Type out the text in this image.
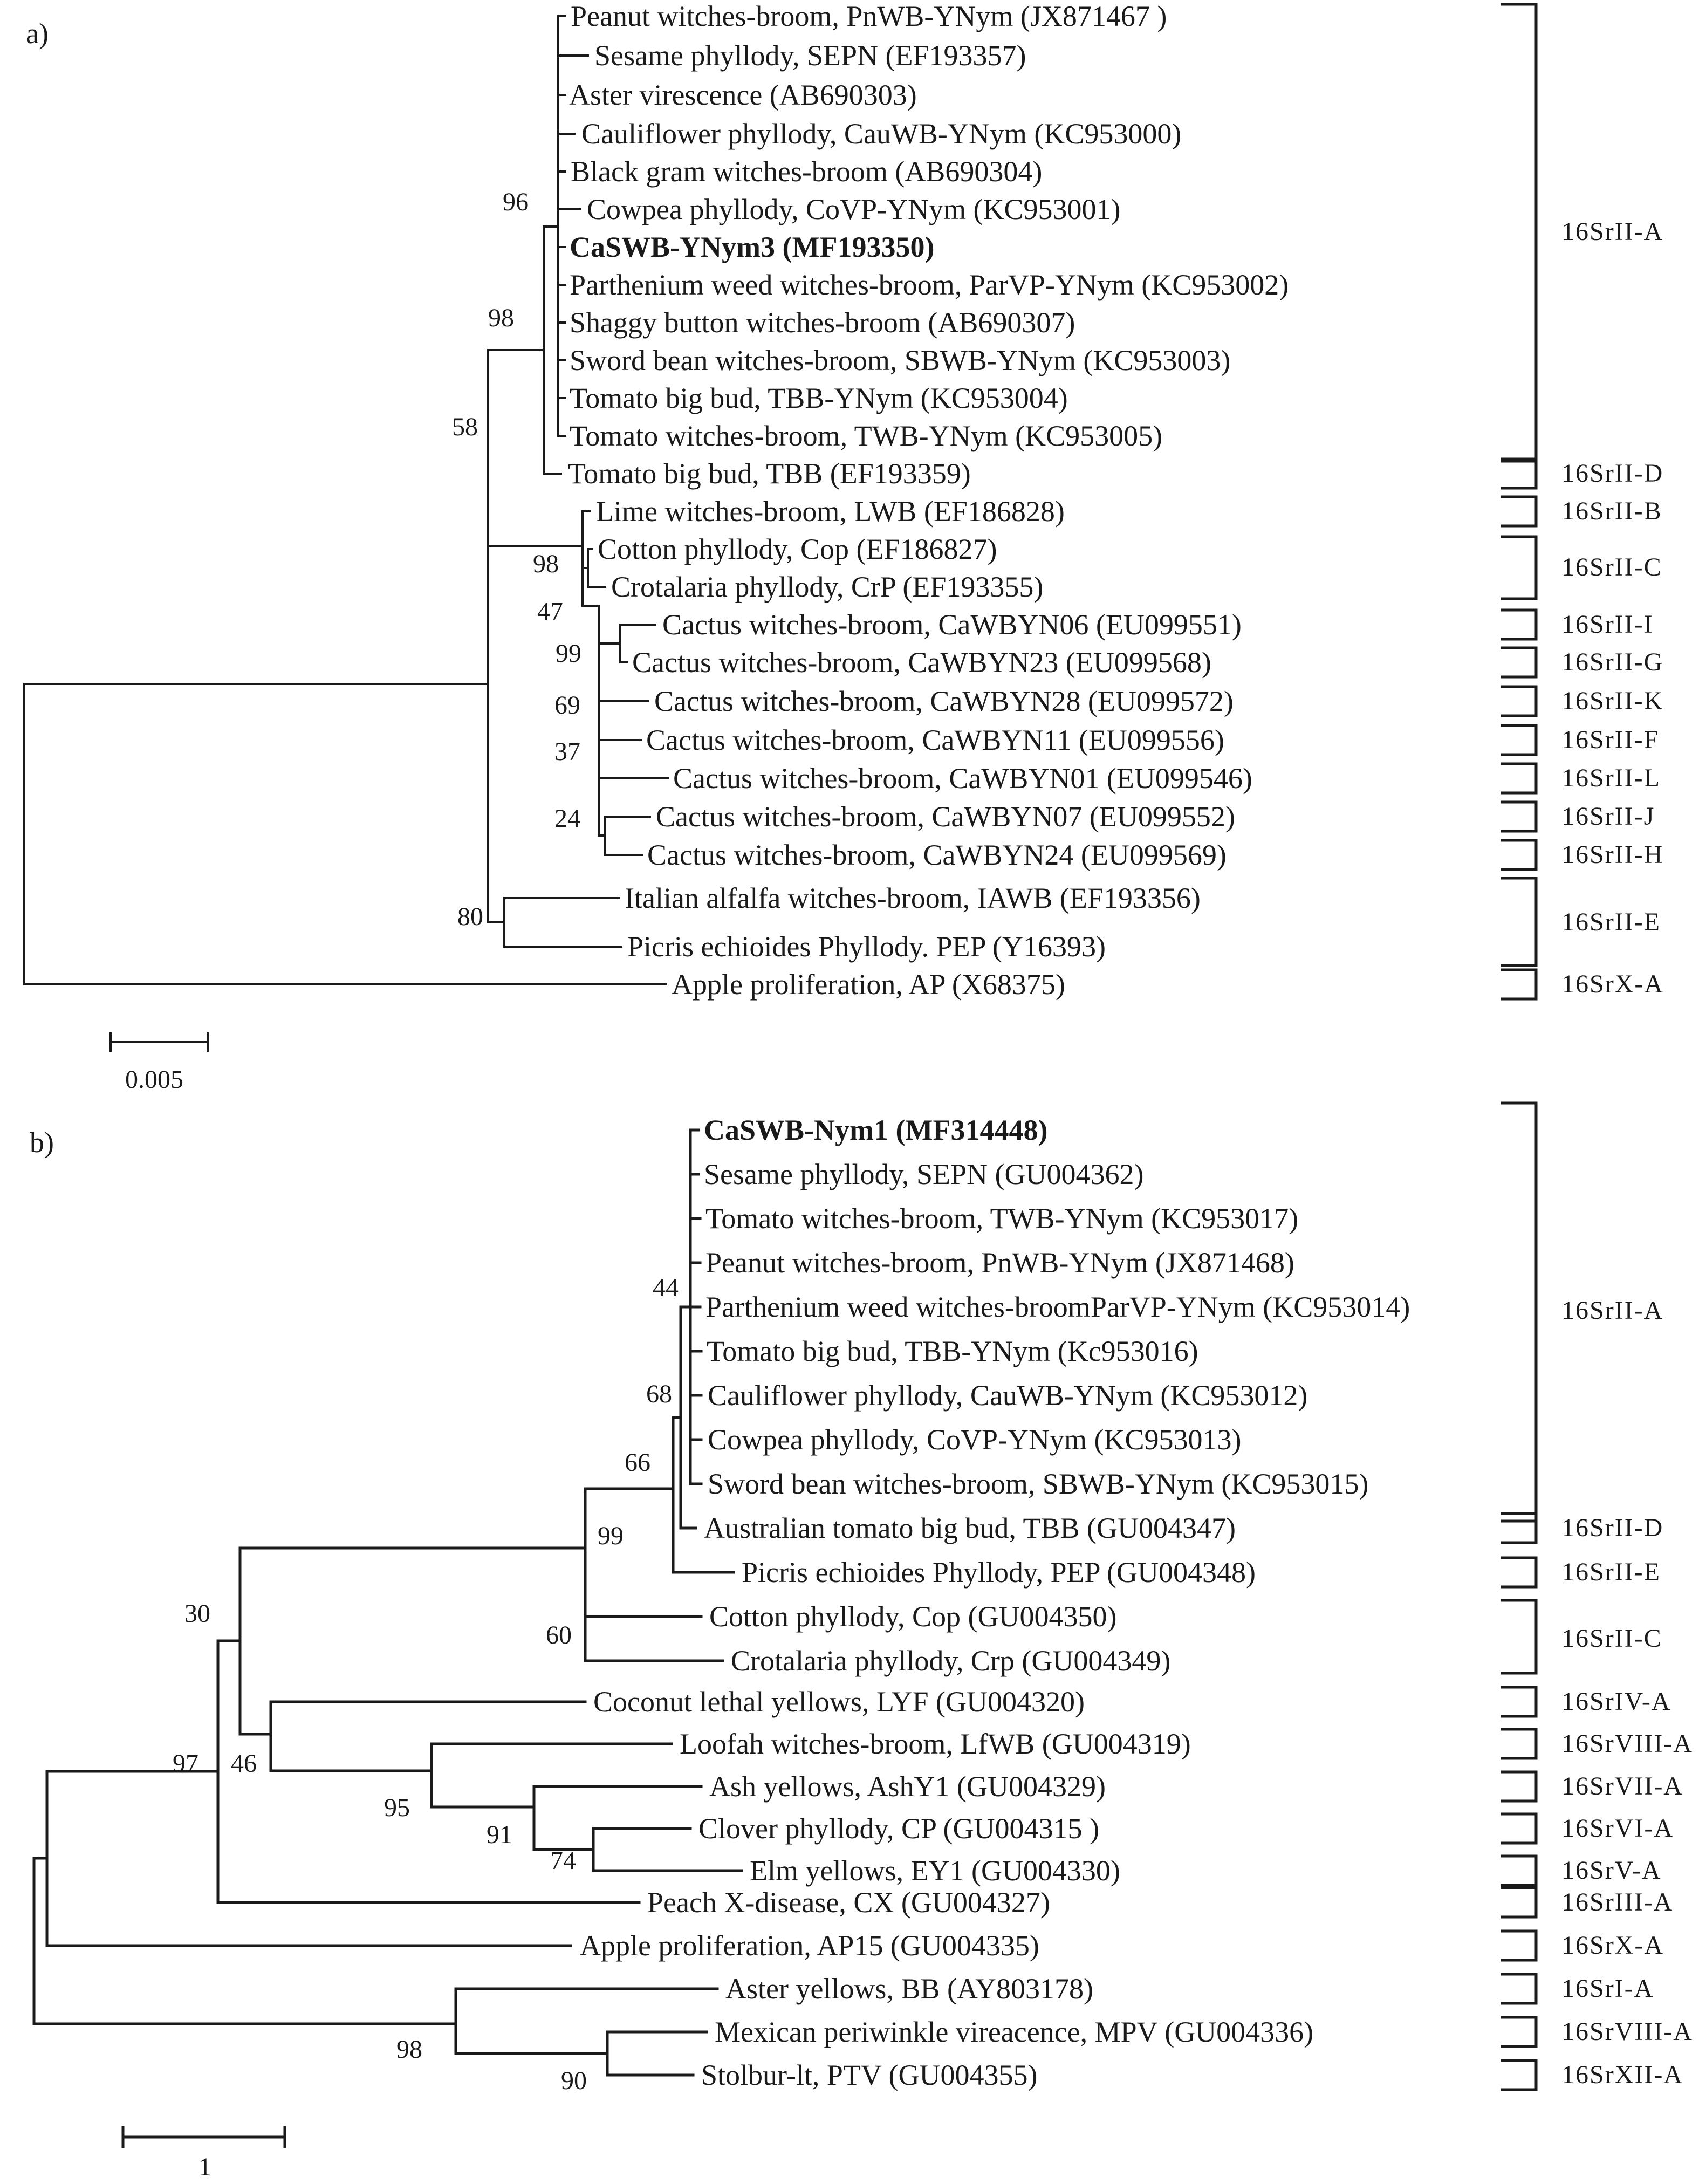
a)
b)
Peanut witches-broom, PnWB-YNym (JX871467 )
Sesame phyllody, SEPN (EF193357)
Aster virescence (AB690303)
Cauliflower phyllody, CauWB-YNym (KC953000)
Black gram witches-broom (AB690304)
Cowpea phyllody, CoVP-YNym (KC953001)
CaSWB-YNym3 (MF193350)
Parthenium weed witches-broom, ParVP-YNym (KC953002)
Shaggy button witches-broom (AB690307)
Sword bean witches-broom, SBWB-YNym (KC953003)
Tomato big bud, TBB-YNym (KC953004)
Tomato witches-broom, TWB-YNym (KC953005)
Tomato big bud, TBB (EF193359)
Lime witches-broom, LWB (EF186828)
Cotton phyllody, Cop (EF186827)
Crotalaria phyllody, CrP (EF193355)
Cactus witches-broom, CaWBYN06 (EU099551)
Cactus witches-broom, CaWBYN23 (EU099568)
Cactus witches-broom, CaWBYN28 (EU099572)
Cactus witches-broom, CaWBYN11 (EU099556)
Cactus witches-broom, CaWBYN01 (EU099546)
Cactus witches-broom, CaWBYN07 (EU099552)
Cactus witches-broom, CaWBYN24 (EU099569)
Italian alfalfa witches-broom, IAWB (EF193356)
Picris echioides Phyllody. PEP (Y16393)
Apple proliferation, AP (X68375)
96
98
58
98
47
99
69
37
24
80
16SrII-A
16SrII-D
16SrII-B
16SrII-C
16SrII-I
16SrII-G
16SrII-K
16SrII-F
16SrII-L
16SrII-J
16SrII-H
16SrII-E
16SrX-A
0.005
CaSWB-Nym1 (MF314448)
Sesame phyllody, SEPN (GU004362)
Tomato witches-broom, TWB-YNym (KC953017)
Peanut witches-broom, PnWB-YNym (JX871468)
Parthenium weed witches-broomParVP-YNym (KC953014)
Tomato big bud, TBB-YNym (Kc953016)
Cauliflower phyllody, CauWB-YNym (KC953012)
Cowpea phyllody, CoVP-YNym (KC953013)
Sword bean witches-broom, SBWB-YNym (KC953015)
Australian tomato big bud, TBB (GU004347)
Picris echioides Phyllody, PEP (GU004348)
Cotton phyllody, Cop (GU004350)
Crotalaria phyllody, Crp (GU004349)
Coconut lethal yellows, LYF (GU004320)
Loofah witches-broom, LfWB (GU004319)
Ash yellows, AshY1 (GU004329)
Clover phyllody, CP (GU004315 )
Elm yellows, EY1 (GU004330)
Peach X-disease, CX (GU004327)
Apple proliferation, AP15 (GU004335)
Aster yellows, BB (AY803178)
Mexican periwinkle vireacence, MPV (GU004336)
Stolbur-lt, PTV (GU004355)
44
68
66
99
60
30
97 46
95
91
74
98
90
16SrII-A
16SrII-D
16SrII-E
16SrII-C
16SrIV-A
16SrVIII-A
16SrVII-A
16SrVI-A
16SrV-A
16SrIII-A
16SrX-A
16SrI-A
16SrVIII-A
16SrXII-A
1
